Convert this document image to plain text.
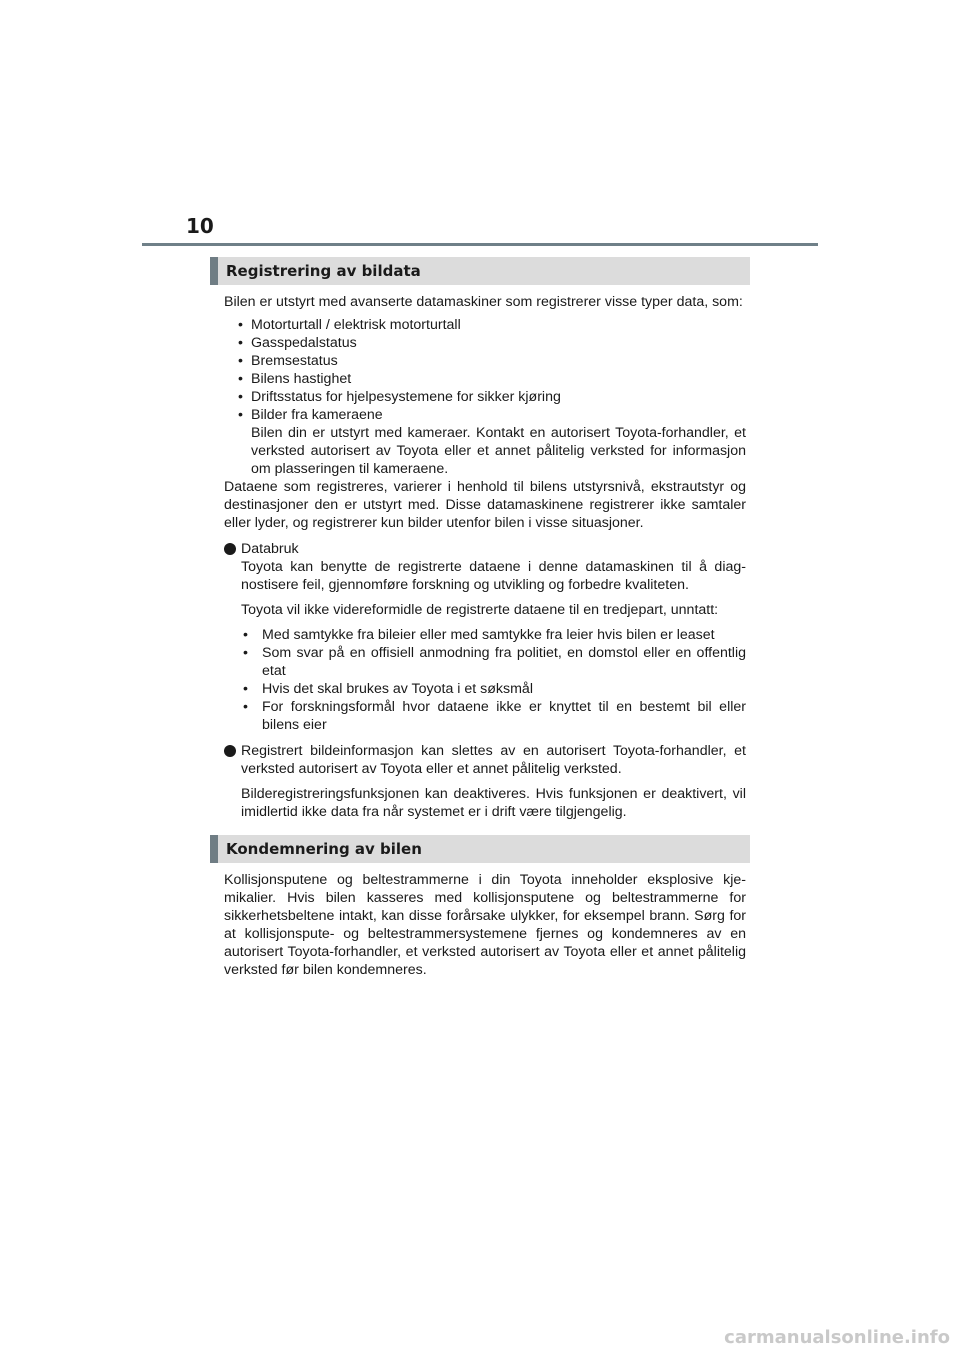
10
Registrering av bildata

Bilen er utstyrt med avanserte datamaskiner som registrerer visse typer data, som:

• Motorturtall / elektrisk motorturtall
• Gasspedalstatus
• Bremsestatus
• Bilens hastighet
• Driftsstatus for hjelpesystemene for sikker kjøring
• Bilder fra kameraene
Bilen din er utstyrt med kameraer. Kontakt en autorisert Toyota-forhandler, et verksted autorisert av Toyota eller et annet pålitelig verksted for informasjon om plasseringen til kameraene.

Dataene som registreres, varierer i henhold til bilens utstyrsnivå, ekstrautstyr og destinasjoner den er utstyrt med. Disse datamaskinene registrerer ikke samtaler eller lyder, og registrerer kun bilder utenfor bilen i visse situasjoner.

Databruk

Toyota kan benytte de registrerte dataene i denne datamaskinen til å diagnostisere feil, gjennomføre forskning og utvikling og forbedre kvaliteten.

Toyota vil ikke videreformidle de registrerte dataene til en tredjepart, unntatt:

• Med samtykke fra bileier eller med samtykke fra leier hvis bilen er leaset
• Som svar på en offisiell anmodning fra politiet, en domstol eller en offentlig etat
• Hvis det skal brukes av Toyota i et søksmål
• For forskningsformål hvor dataene ikke er knyttet til en bestemt bil eller bilens eier

Registrert bildeinformasjon kan slettes av en autorisert Toyota-forhandler, et verksted autorisert av Toyota eller et annet pålitelig verksted.

Bilderegistreringsfunksjonen kan deaktiveres. Hvis funksjonen er deaktivert, vil imidlertid ikke data fra når systemet er i drift være tilgjengelig.

Kondemnering av bilen

Kollisjonsputene og beltestrammerne i din Toyota inneholder eksplosive kjemikalier. Hvis bilen kasseres med kollisjonsputene og beltestrammerne for sikkerhetsbeltene intakt, kan disse forårsake ulykker, for eksempel brann. Sørg for at kollisjonspute- og beltestrammersystemene fjernes og kondemneres av en autorisert Toyota-forhandler, et verksted autorisert av Toyota eller et annet pålitelig verksted før bilen kondemneres.

carmanualsonline.info
